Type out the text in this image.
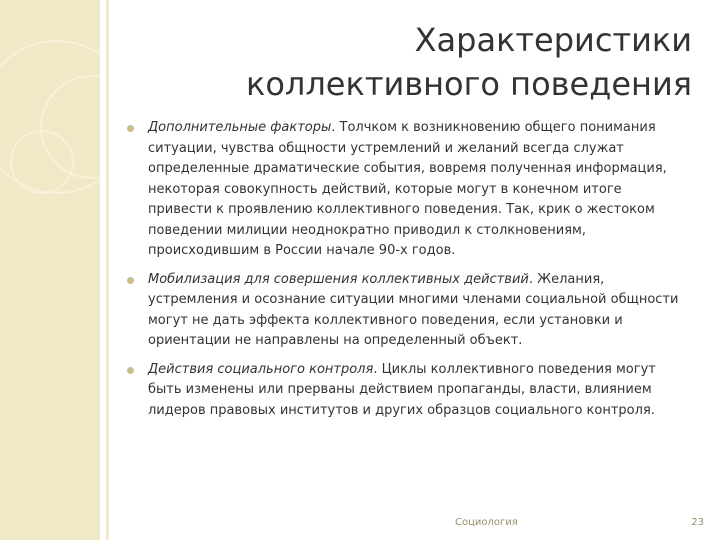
Характеристики
коллективного поведения
Дополнительные факторы. Толчком к возникновению общего понимания ситуации, чувства общности устремлений и желаний всегда служат определенные драматические события, вовремя полученная информация, некоторая совокупность действий, которые могут в конечном итоге привести к проявлению коллективного поведения. Так, крик о жестоком поведении милиции неоднократно приводил к столкновениям, происходившим в России начале 90-х годов.
Мобилизация для совершения коллективных действий. Желания, устремления и осознание ситуации многими членами социальной общности могут не дать эффекта коллективного поведения, если установки и ориентации не направлены на определенный объект.
Действия социального контроля. Циклы коллективного поведения могут быть изменены или прерваны действием пропаганды, власти, влиянием лидеров правовых институтов и других образцов социального контроля.
Социология	23
